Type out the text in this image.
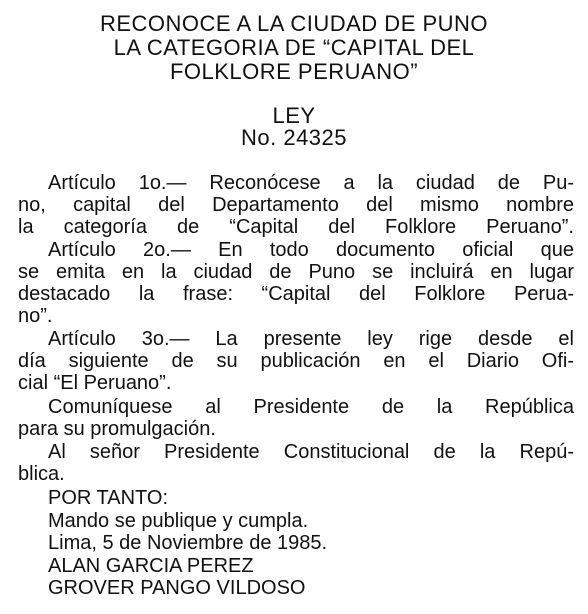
RECONOCE A LA CIUDAD DE PUNO
LA CATEGORIA DE “CAPITAL DEL
FOLKLORE PERUANO”
LEY
No. 24325
Artículo 1o.— Reconócese a la ciudad de Pu-
no, capital del Departamento del mismo nombre
la categoría de “Capital del Folklore Peruano”.
Artículo 2o.— En todo documento oficial que
se emita en la ciudad de Puno se incluirá en lugar
destacado la frase: “Capital del Folklore Perua-
no”.
Artículo 3o.— La presente ley rige desde el
día siguiente de su publicación en el Diario Ofi-
cial “El Peruano”.
Comuníquese al Presidente de la República
para su promulgación.
Al señor Presidente Constitucional de la Repú-
blica.
POR TANTO:
Mando se publique y cumpla.
Lima, 5 de Noviembre de 1985.
ALAN GARCIA PEREZ
GROVER PANGO VILDOSO
